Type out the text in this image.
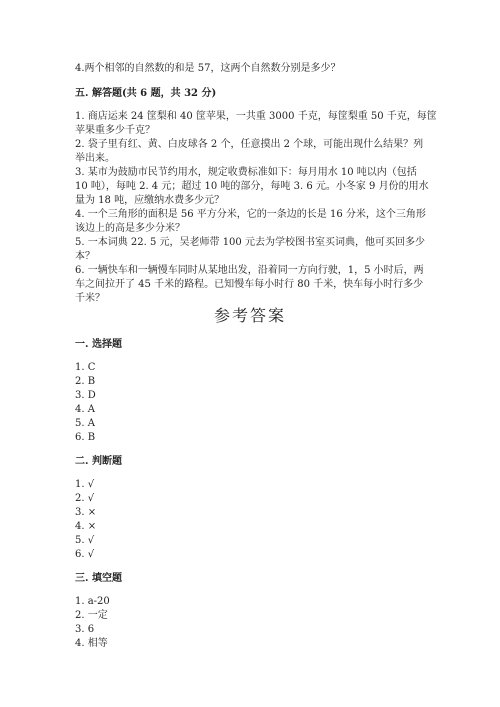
4.两个相邻的自然数的和是 57，这两个自然数分别是多少？
五. 解答题(共 6 题，共 32 分)
1. 商店运来 24 筐梨和 40 筐苹果，一共重 3000 千克，每筐梨重 50 千克，每筐
苹果重多少千克？
2. 袋子里有红、黄、白皮球各 2 个，任意摸出 2 个球，可能出现什么结果？列
举出来。
3. 某市为鼓励市民节约用水，规定收费标准如下：每月用水 10 吨以内（包括
10 吨），每吨 2. 4 元；超过 10 吨的部分，每吨 3. 6 元。小冬家 9 月份的用水
量为 18 吨，应缴纳水费多少元？
4. 一个三角形的面积是 56 平方分米，它的一条边的长是 16 分米，这个三角形
该边上的高是多少分米？
5. 一本词典 22. 5 元，吴老师带 100 元去为学校图书室买词典，他可买回多少
本？
6. 一辆快车和一辆慢车同时从某地出发，沿着同一方向行驶，1，5 小时后，两
车之间拉开了 45 千米的路程。已知慢车每小时行 80 千米，快车每小时行多少
千米？
参考答案
一. 选择题
1. C
2. B
3. D
4. A
5. A
6. B
二. 判断题
1. √
2. √
3. ×
4. ×
5. √
6. √
三. 填空题
1. a-20
2. 一定
3. 6
4. 相等
